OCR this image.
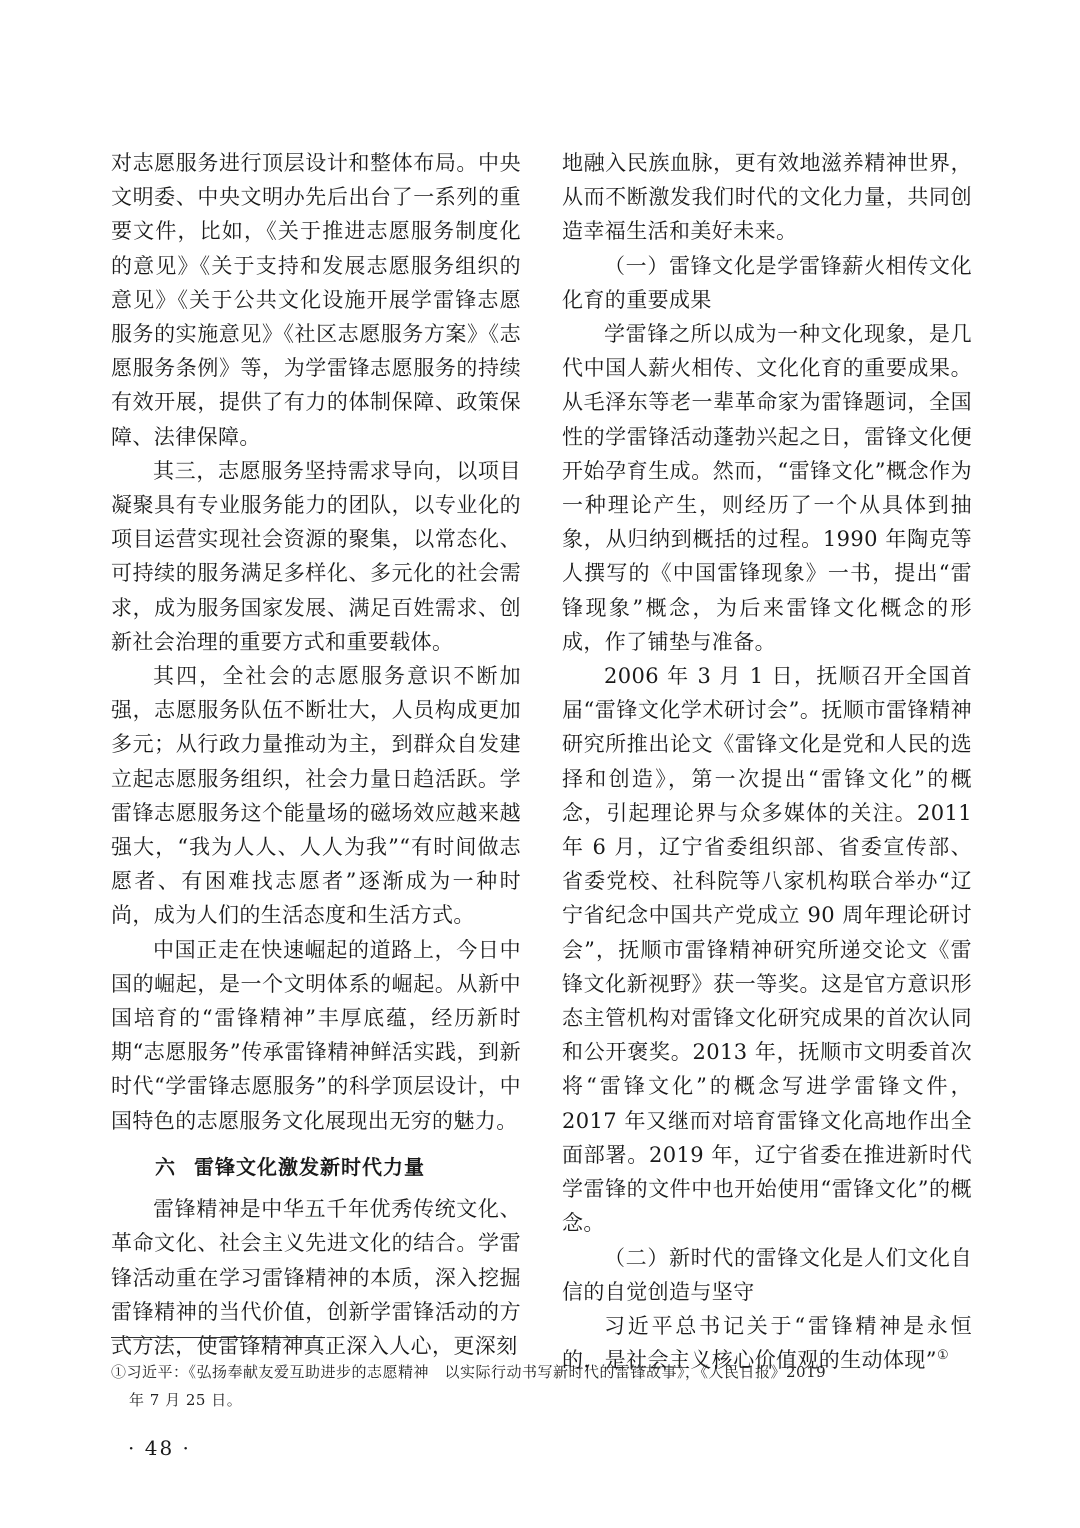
对志愿服务进行顶层设计和整体布局。中央文明委、中央文明办先后出台了一系列的重要文件，比如，《关于推进志愿服务制度化的意见》《关于支持和发展志愿服务组织的意见》《关于公共文化设施开展学雷锋志愿服务的实施意见》《社区志愿服务方案》《志愿服务条例》等，为学雷锋志愿服务的持续有效开展，提供了有力的体制保障、政策保障、法律保障。

其三，志愿服务坚持需求导向，以项目凝聚具有专业服务能力的团队，以专业化的项目运营实现社会资源的聚集，以常态化、可持续的服务满足多样化、多元化的社会需求，成为服务国家发展、满足百姓需求、创新社会治理的重要方式和重要载体。

其四，全社会的志愿服务意识不断加强，志愿服务队伍不断壮大，人员构成更加多元；从行政力量推动为主，到群众自发建立起志愿服务组织，社会力量日趋活跃。学雷锋志愿服务这个能量场的磁场效应越来越强大，“我为人人、人人为我”“有时间做志愿者、有困难找志愿者”逐渐成为一种时尚，成为人们的生活态度和生活方式。

中国正走在快速崛起的道路上，今日中国的崛起，是一个文明体系的崛起。从新中国培育的“雷锋精神”丰厚底蕴，经历新时期“志愿服务”传承雷锋精神鲜活实践，到新时代“学雷锋志愿服务”的科学顶层设计，中国特色的志愿服务文化展现出无穷的魅力。

六 雷锋文化激发新时代力量

雷锋精神是中华五千年优秀传统文化、革命文化、社会主义先进文化的结合。学雷锋活动重在学习雷锋精神的本质，深入挖掘雷锋精神的当代价值，创新学雷锋活动的方式方法，使雷锋精神真正深入人心，更深刻

地融入民族血脉，更有效地滋养精神世界，从而不断激发我们时代的文化力量，共同创造幸福生活和美好未来。

（一）雷锋文化是学雷锋薪火相传文化化育的重要成果

学雷锋之所以成为一种文化现象，是几代中国人薪火相传、文化化育的重要成果。从毛泽东等老一辈革命家为雷锋题词，全国性的学雷锋活动蓬勃兴起之日，雷锋文化便开始孕育生成。然而，“雷锋文化”概念作为一种理论产生，则经历了一个从具体到抽象，从归纳到概括的过程。1990 年陶克等人撰写的《中国雷锋现象》一书，提出“雷锋现象”概念，为后来雷锋文化概念的形成，作了铺垫与准备。

2006 年 3 月 1 日，抚顺召开全国首届“雷锋文化学术研讨会”。抚顺市雷锋精神研究所推出论文《雷锋文化是党和人民的选择和创造》，第一次提出“雷锋文化”的概念，引起理论界与众多媒体的关注。2011 年 6 月，辽宁省委组织部、省委宣传部、省委党校、社科院等八家机构联合举办“辽宁省纪念中国共产党成立 90 周年理论研讨会”，抚顺市雷锋精神研究所递交论文《雷锋文化新视野》获一等奖。这是官方意识形态主管机构对雷锋文化研究成果的首次认同和公开褒奖。2013 年，抚顺市文明委首次将“雷锋文化”的概念写进学雷锋文件，2017 年又继而对培育雷锋文化高地作出全面部署。2019 年，辽宁省委在推进新时代学雷锋的文件中也开始使用“雷锋文化”的概念。

（二）新时代的雷锋文化是人们文化自信的自觉创造与坚守

习近平总书记关于“雷锋精神是永恒的，是社会主义核心价值观的生动体现”①

①习近平：《弘扬奉献友爱互助进步的志愿精神　以实际行动书写新时代的雷锋故事》，《人民日报》2019
年 7 月 25 日。
· 48 ·
